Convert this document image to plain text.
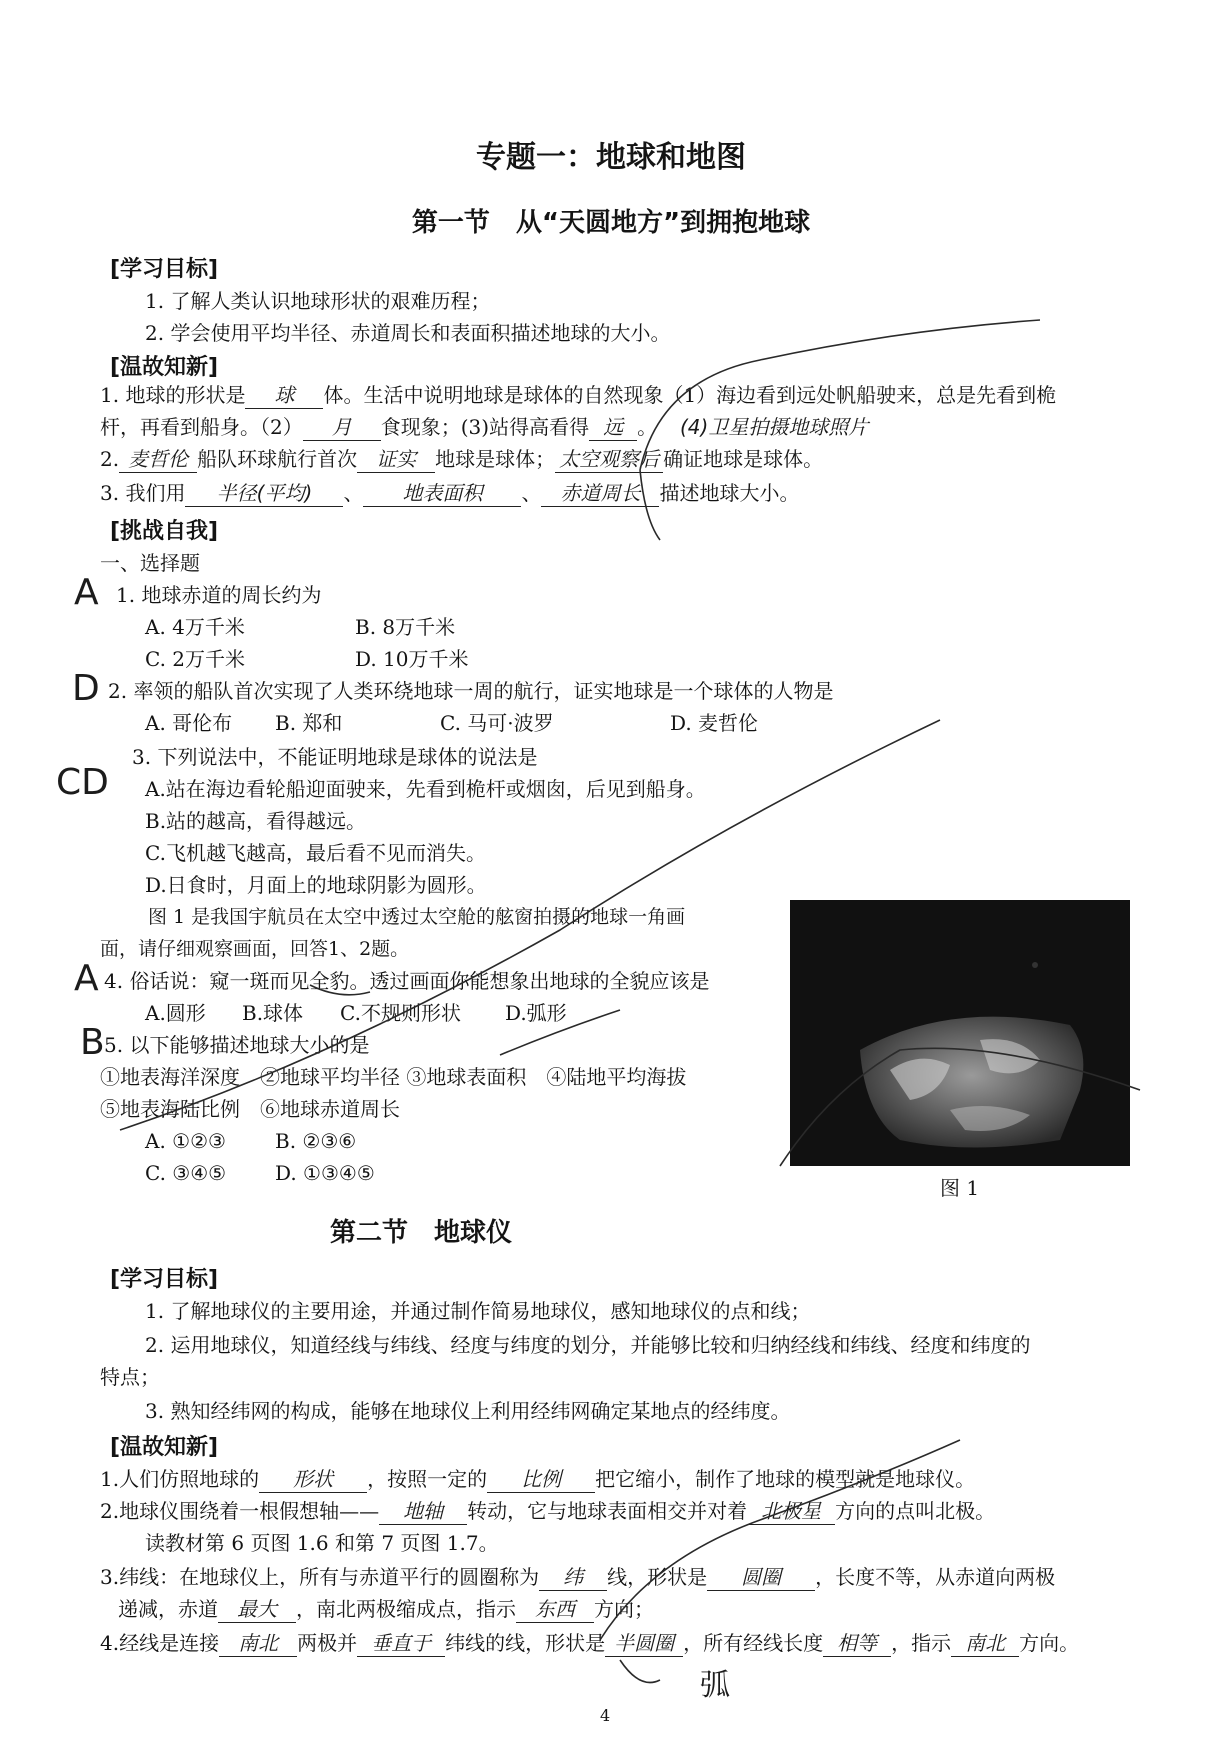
专题一：地球和地图
第一节　从“天圆地方”到拥抱地球
[学习目标]
1. 了解人类认识地球形状的艰难历程；
2. 学会使用平均半径、赤道周长和表面积描述地球的大小。
[温故知新]
1. 地球的形状是 球 体。生活中说明地球是球体的自然现象（1）海边看到远处帆船驶来，总是先看到桅
杆，再看到船身。（2） 月 食现象；(3)站得高看得 远 。 (4)卫星拍摄地球照片
2. 麦哲伦 船队环球航行首次 证实 地球是球体； 太空观察后 确证地球是球体。
3. 我们用 半径(平均) 、 地表面积 、 赤道周长 描述地球大小。
[挑战自我]
一、选择题
A 1. 地球赤道的周长约为
A. 4万千米	B. 8万千米
C. 2万千米	D. 10万千米
D 2. 率领的船队首次实现了人类环绕地球一周的航行，证实地球是一个球体的人物是
A. 哥伦布 B. 郑和	C. 马可·波罗	D. 麦哲伦
CD
3. 下列说法中，不能证明地球是球体的说法是
A.站在海边看轮船迎面驶来，先看到桅杆或烟囱，后见到船身。
B.站的越高，看得越远。
C.飞机越飞越高，最后看不见而消失。
D.日食时，月面上的地球阴影为圆形。
图 1 是我国宇航员在太空中透过太空舱的舷窗拍摄的地球一角画
面，请仔细观察画面，回答1、2题。
A 4. 俗话说：窥一斑而见全豹。透过画面你能想象出地球的全貌应该是
A.圆形 B.球体 C.不规则形状 D.弧形
B 5. 以下能够描述地球大小的是
①地表海洋深度　②地球平均半径 ③地球表面积　④陆地平均海拔
⑤地表海陆比例　⑥地球赤道周长
A. ①②③ B. ②③⑥
C. ③④⑤ D. ①③④⑤
图 1
第二节　地球仪
[学习目标]
1. 了解地球仪的主要用途，并通过制作简易地球仪，感知地球仪的点和线；
2. 运用地球仪，知道经线与纬线、经度与纬度的划分，并能够比较和归纳经线和纬线、经度和纬度的
特点；
3. 熟知经纬网的构成，能够在地球仪上利用经纬网确定某地点的经纬度。
[温故知新]
1.人们仿照地球的 形状 ，按照一定的 比例 把它缩小，制作了地球的模型就是地球仪。
2.地球仪围绕着一根假想轴—— 地轴 转动，它与地球表面相交并对着 北极星 方向的点叫北极。
读教材第 6 页图 1.6 和第 7 页图 1.7。
3.纬线：在地球仪上，所有与赤道平行的圆圈称为 纬 线，形状是 圆圈 ，长度不等，从赤道向两极
递减，赤道 最大 ，南北两极缩成点，指示 东西 方向；
4.经线是连接 南北 两极并 垂直于 纬线的线，形状是 半圆圈 ，所有经线长度 相等 ，指示 南北 方向。
弧
4
